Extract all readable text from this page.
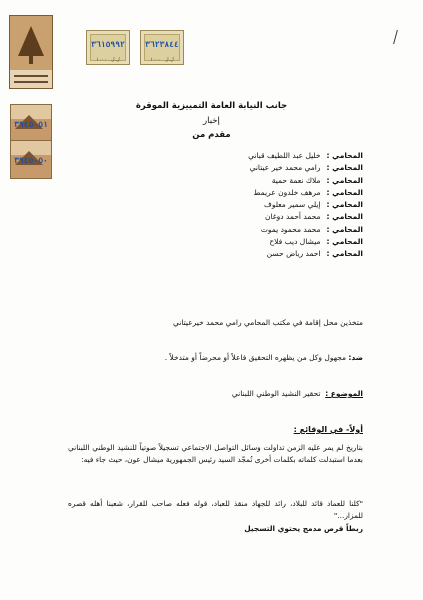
٣٦١٥٩٩٢
١٠٠٠ ل.ل
٣٦٢٣٨٤٤
١٠٠٠ ل.ل
٣٩٤٥٠٥١
٣٩٤٥٠٥٠
جانب النيابة العامة التمييزية الموقرة
إخبار
مقدم من
المحامي :خليل عبد اللطيف قباني
المحامي :رامي محمد خير عيتاني
المحامي :ملاك نعمة حمية
المحامي :مرهف خلدون عريمط
المحامي :إيلي سمير معلوف
المحامي :محمد أحمد دوغان
المحامي :محمد محمود يموت
المحامي :ميشال ديب فلاح
المحامي :احمد رياض حسن
متخذين محل إقامة في مكتب المحامي رامي محمد خيرعيتاني
ضد: مجهول وكل من يظهره التحقيق فاعلاً أو محرضاً أو متدخلاً .
الموضوع :  تحقير النشيد الوطني اللبناني
أولاً- في الوقائع :
بتاريخ لم يمر عليه الزمن تداولت وسائل التواصل الاجتماعي تسجيلاً صوتياً للنشيد الوطني اللبناني بعدما استبدلت كلماته بكلمات أخرى تُمجّد السيد رئيس الجمهورية ميشال عون، حيث جاء فيه:
"كلنا للعماد قائد للبلاد، رائد للجهاد منقذ للعباد، قوله فعله صاحب للقرار، شعبنا أهله قصره للمزار..."
ربطاً قرص مدمج يحتوي التسجيل
